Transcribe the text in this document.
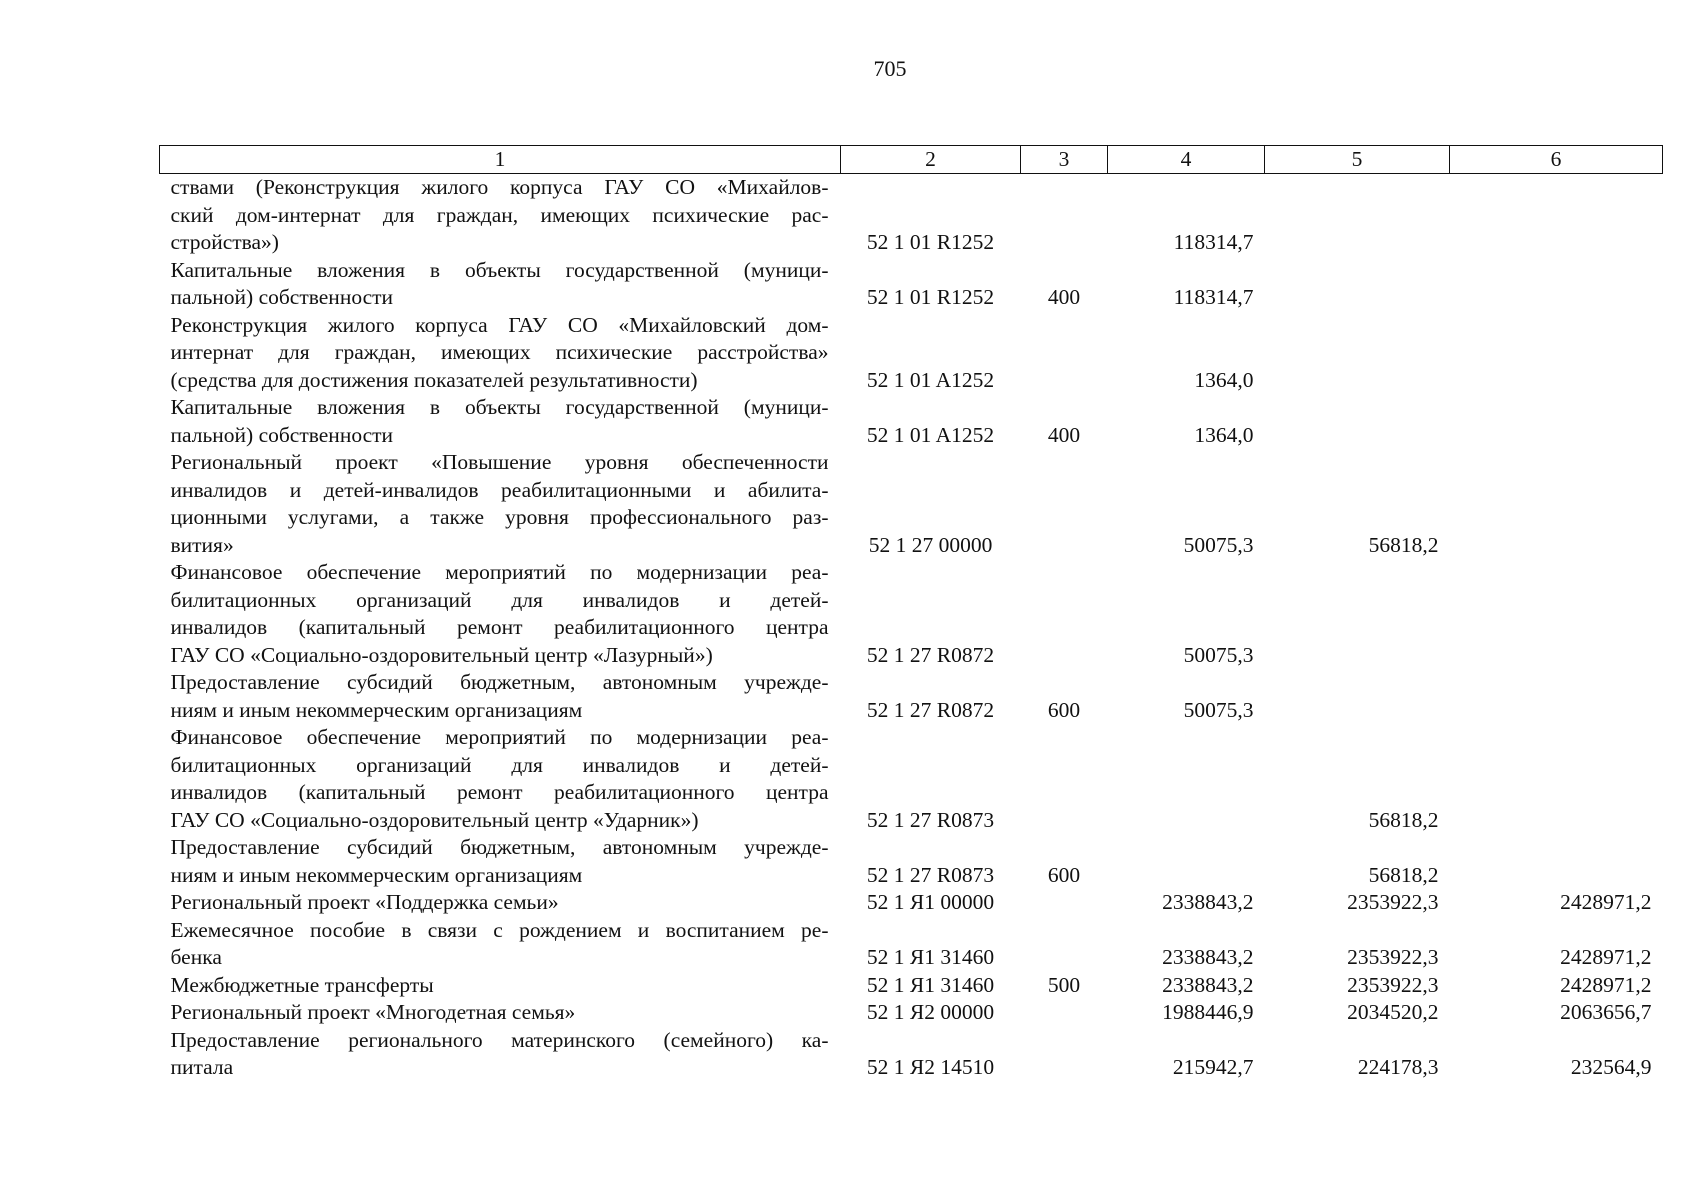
705
1	2	3	4	5	6

ствами (Реконструкция жилого корпуса ГАУ СО «Михайлов-
ский дом-интернат для граждан, имеющих психические рас-
стройства»)	52 1 01 R1252		118314,7		

Капитальные вложения в объекты государственной (муници-
пальной) собственности	52 1 01 R1252	400	118314,7		

Реконструкция жилого корпуса ГАУ СО «Михайловский дом-
интернат для граждан, имеющих психические расстройства»
(средства для достижения показателей результативности)	52 1 01 A1252		1364,0		

Капитальные вложения в объекты государственной (муници-
пальной) собственности	52 1 01 A1252	400	1364,0		

Региональный проект «Повышение уровня обеспеченности
инвалидов и детей-инвалидов реабилитационными и абилита-
ционными услугами, а также уровня профессионального раз-
вития»	52 1 27 00000		50075,3	56818,2	

Финансовое обеспечение мероприятий по модернизации реа-
билитационных организаций для инвалидов и детей-
инвалидов (капитальный ремонт реабилитационного центра
ГАУ СО «Социально-оздоровительный центр «Лазурный»)	52 1 27 R0872		50075,3		

Предоставление субсидий бюджетным, автономным учрежде-
ниям и иным некоммерческим организациям	52 1 27 R0872	600	50075,3		

Финансовое обеспечение мероприятий по модернизации реа-
билитационных организаций для инвалидов и детей-
инвалидов (капитальный ремонт реабилитационного центра
ГАУ СО «Социально-оздоровительный центр «Ударник»)	52 1 27 R0873			56818,2	

Предоставление субсидий бюджетным, автономным учрежде-
ниям и иным некоммерческим организациям	52 1 27 R0873	600		56818,2	

Региональный проект «Поддержка семьи»	52 1 Я1 00000		2338843,2	2353922,3	2428971,2

Ежемесячное пособие в связи с рождением и воспитанием ре-
бенка	52 1 Я1 31460		2338843,2	2353922,3	2428971,2

Межбюджетные трансферты	52 1 Я1 31460	500	2338843,2	2353922,3	2428971,2

Региональный проект «Многодетная семья»	52 1 Я2 00000		1988446,9	2034520,2	2063656,7

Предоставление регионального материнского (семейного) ка-
питала	52 1 Я2 14510		215942,7	224178,3	232564,9
